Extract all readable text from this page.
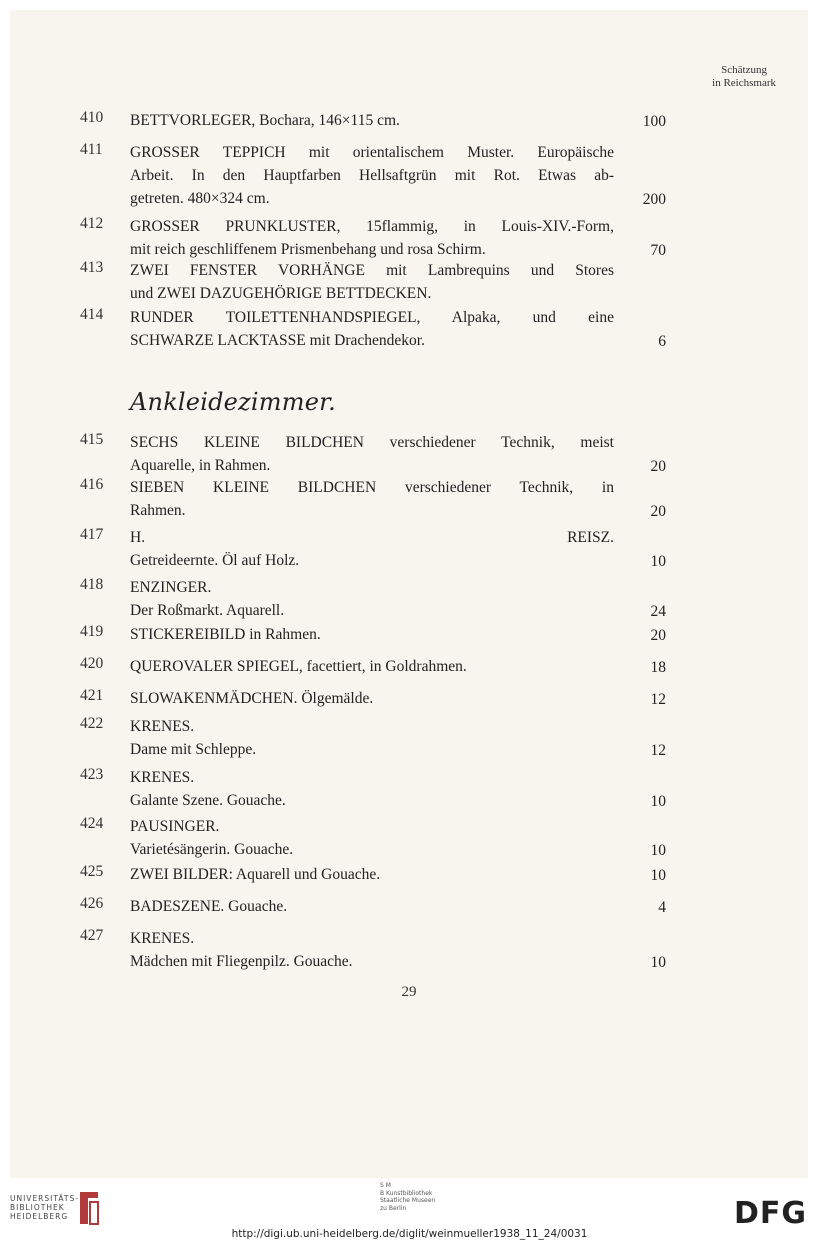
Schätzung
in Reichsmark
410	BETTVORLEGER, Bochara, 146×115 cm.	100
411	GROSSER TEPPICH mit orientalischem Muster. Europäische
Arbeit. In den Hauptfarben Hellsaftgrün mit Rot. Etwas ab-
getreten. 480×324 cm.	200
412	GROSSER PRUNKLUSTER, 15flammig, in Louis-XIV.-Form,
mit reich geschliffenem Prismenbehang und rosa Schirm.	70
413	ZWEI FENSTER VORHÄNGE mit Lambrequins und Stores
und ZWEI DAZUGEHÖRIGE BETTDECKEN.
414	RUNDER TOILETTENHANDSPIEGEL, Alpaka, und eine
SCHWARZE LACKTASSE mit Drachendekor.	6
Ankleidezimmer.
415	SECHS KLEINE BILDCHEN verschiedener Technik, meist
Aquarelle, in Rahmen.	20
416	SIEBEN KLEINE BILDCHEN verschiedener Technik, in
Rahmen.	20
417	H. REISZ.
Getreideernte. Öl auf Holz.	10
418	ENZINGER.
Der Roßmarkt. Aquarell.	24
419	STICKEREIBILD in Rahmen.	20
420	QUEROVALER SPIEGEL, facettiert, in Goldrahmen.	18
421	SLOWAKENMÄDCHEN. Ölgemälde.	12
422	KRENES.
Dame mit Schleppe.	12
423	KRENES.
Galante Szene. Gouache.	10
424	PAUSINGER.
Varietésängerin. Gouache.	10
425	ZWEI BILDER: Aquarell und Gouache.	10
426	BADESZENE. Gouache.	4
427	KRENES.
Mädchen mit Fliegenpilz. Gouache.	10
29
UNIVERSITÄTS-
BIBLIOTHEK
HEIDELBERG
S M
B Kunstbibliothek
Staatliche Museen
zu Berlin	DFG
http://digi.ub.uni-heidelberg.de/diglit/weinmueller1938_11_24/0031
